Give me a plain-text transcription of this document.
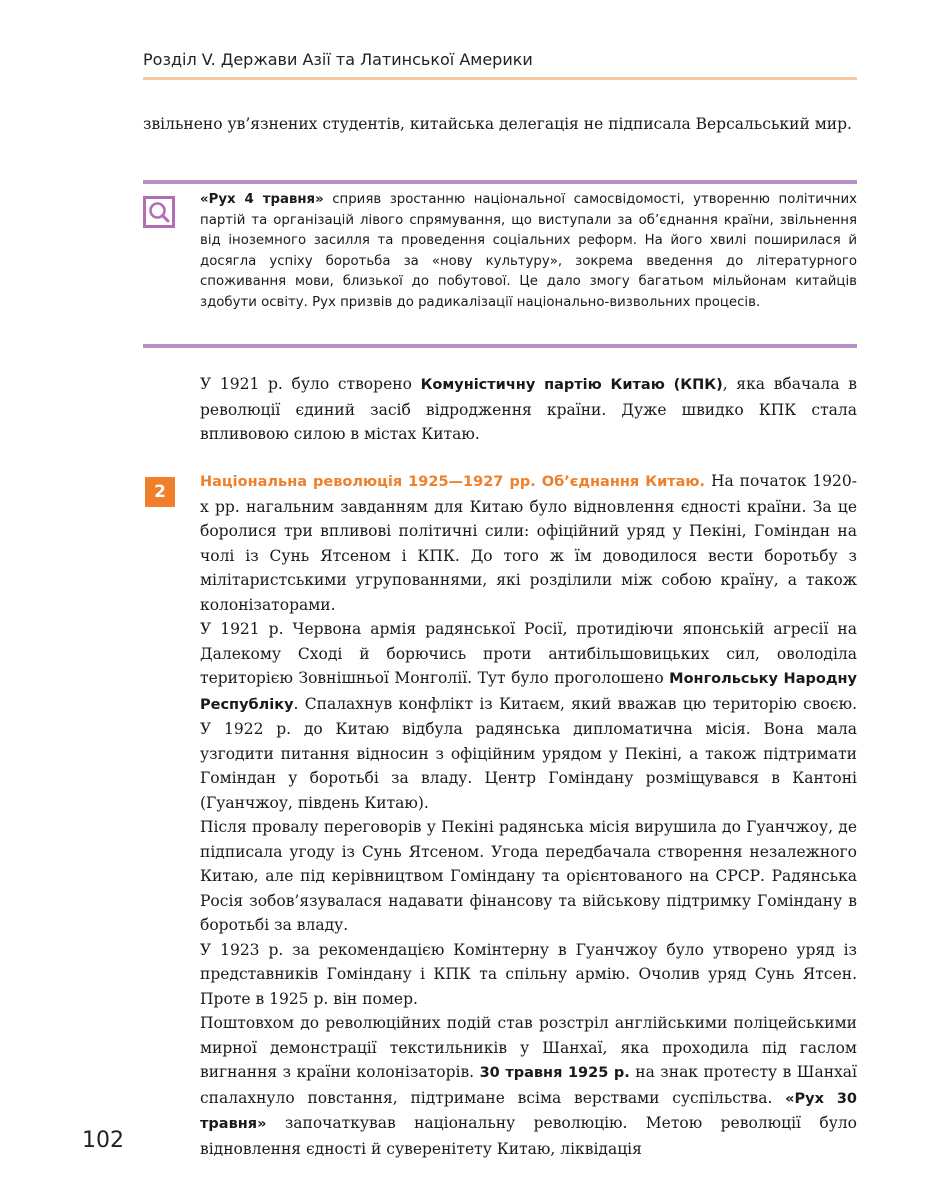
Розділ V. Держави Азії та Латинської Америки

звільнено ув’язнених студентів, китайська делегація не підписала Версальський мир.

«Рух 4 травня» сприяв зростанню національної самосвідомості, утворенню політичних партій та організацій лівого спрямування, що виступали за об’єднання країни, звільнення від іноземного засилля та проведення соціальних реформ. На його хвилі поширилася й досягла успіху боротьба за «нову культуру», зокрема введення до літературного споживання мови, близької до побутової. Це дало змогу багатьом мільйонам китайців здобути освіту. Рух призвів до радикалізації національно-визвольних процесів.

У 1921 р. було створено Комуністичну партію Китаю (КПК), яка вбачала в революції єдиний засіб відродження країни. Дуже швидко КПК стала впливовою силою в містах Китаю.

2	Національна революція 1925—1927 рр. Об’єднання Китаю. На початок 1920-х рр. нагальним завданням для Китаю було відновлення єдності країни. За це боролися три впливові політичні сили: офіційний уряд у Пекіні, Гоміндан на чолі із Сунь Ятсеном і КПК. До того ж їм доводилося вести боротьбу з мілітаристськими угрупованнями, які розділили між собою країну, а також колонізаторами.

У 1921 р. Червона армія радянської Росії, протидіючи японській агресії на Далекому Сході й борючись проти антибільшовицьких сил, оволоділа територією Зовнішньої Монголії. Тут було проголошено Монгольську Народну Республіку. Спалахнув конфлікт із Китаєм, який вважав цю територію своєю. У 1922 р. до Китаю відбула радянська дипломатична місія. Вона мала узгодити питання відносин з офіційним урядом у Пекіні, а також підтримати Гоміндан у боротьбі за владу. Центр Гоміндану розміщувався в Кантоні (Гуанчжоу, південь Китаю).

Після провалу переговорів у Пекіні радянська місія вирушила до Гуанчжоу, де підписала угоду із Сунь Ятсеном. Угода передбачала створення незалежного Китаю, але під керівництвом Гоміндану та орієнтованого на СРСР. Радянська Росія зобов’язувалася надавати фінансову та військову підтримку Гоміндану в боротьбі за владу.

У 1923 р. за рекомендацією Комінтерну в Гуанчжоу було утворено уряд із представників Гоміндану і КПК та спільну армію. Очолив уряд Сунь Ятсен. Проте в 1925 р. він помер.

Поштовхом до революційних подій став розстріл англійськими поліцейськими мирної демонстрації текстильників у Шанхаї, яка проходила під гаслом вигнання з країни колонізаторів. 30 травня 1925 р. на знак протесту в Шанхаї спалахнуло повстання, підтримане всіма верствами суспільства. «Рух 30 травня» започаткував національну революцію. Метою революції було відновлення єдності й суверенітету Китаю, ліквідація

102
